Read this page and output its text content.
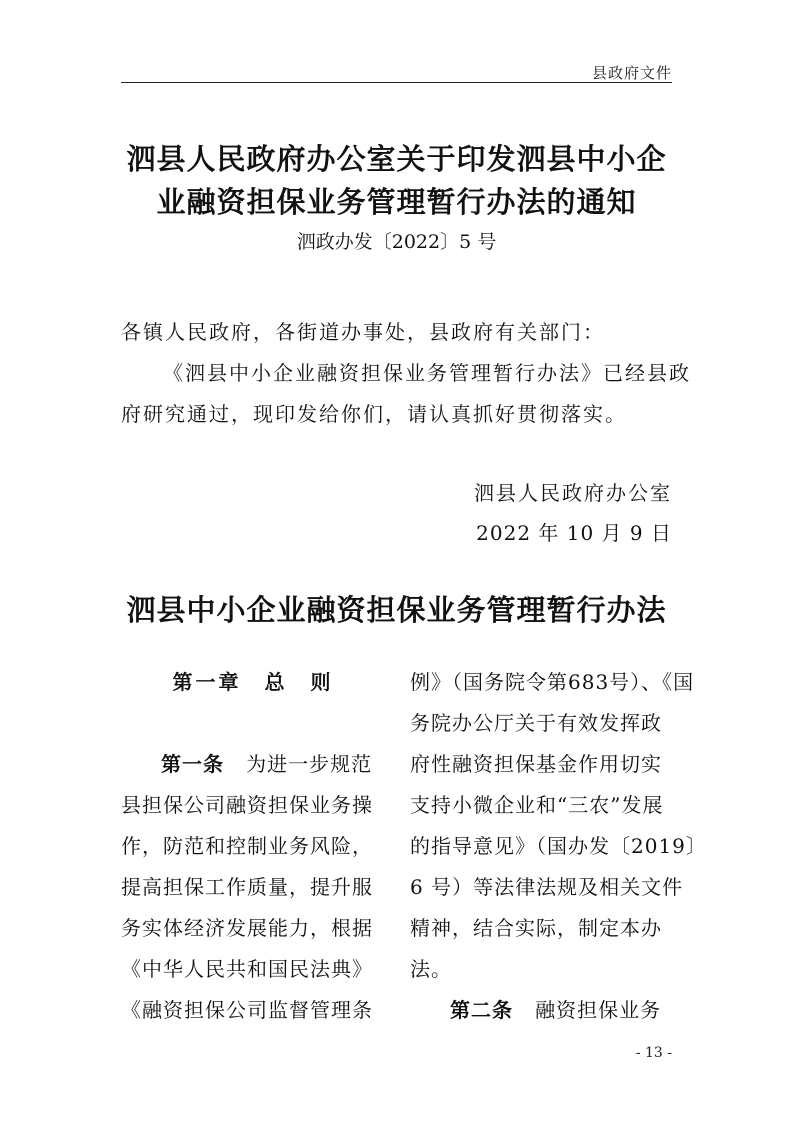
县政府文件
泗县人民政府办公室关于印发泗县中小企
业融资担保业务管理暂行办法的通知
泗政办发〔2022〕5 号
各镇人民政府，各街道办事处，县政府有关部门：
《泗县中小企业融资担保业务管理暂行办法》已经县政
府研究通过，现印发给你们，请认真抓好贯彻落实。
泗县人民政府办公室
2022 年 10 月 9 日
泗县中小企业融资担保业务管理暂行办法
第一章　总　则

第一条 为进一步规范
县担保公司融资担保业务操
作，防范和控制业务风险，
提高担保工作质量，提升服
务实体经济发展能力，根据
《中华人民共和国民法典》
《融资担保公司监督管理条
例》（国务院令第683号）、《国
务院办公厅关于有效发挥政
府性融资担保基金作用切实
支持小微企业和“三农”发展
的指导意见》（国办发〔2019〕
6 号）等法律法规及相关文件
精神，结合实际，制定本办
法。
第二条 融资担保业务
- 13 -
